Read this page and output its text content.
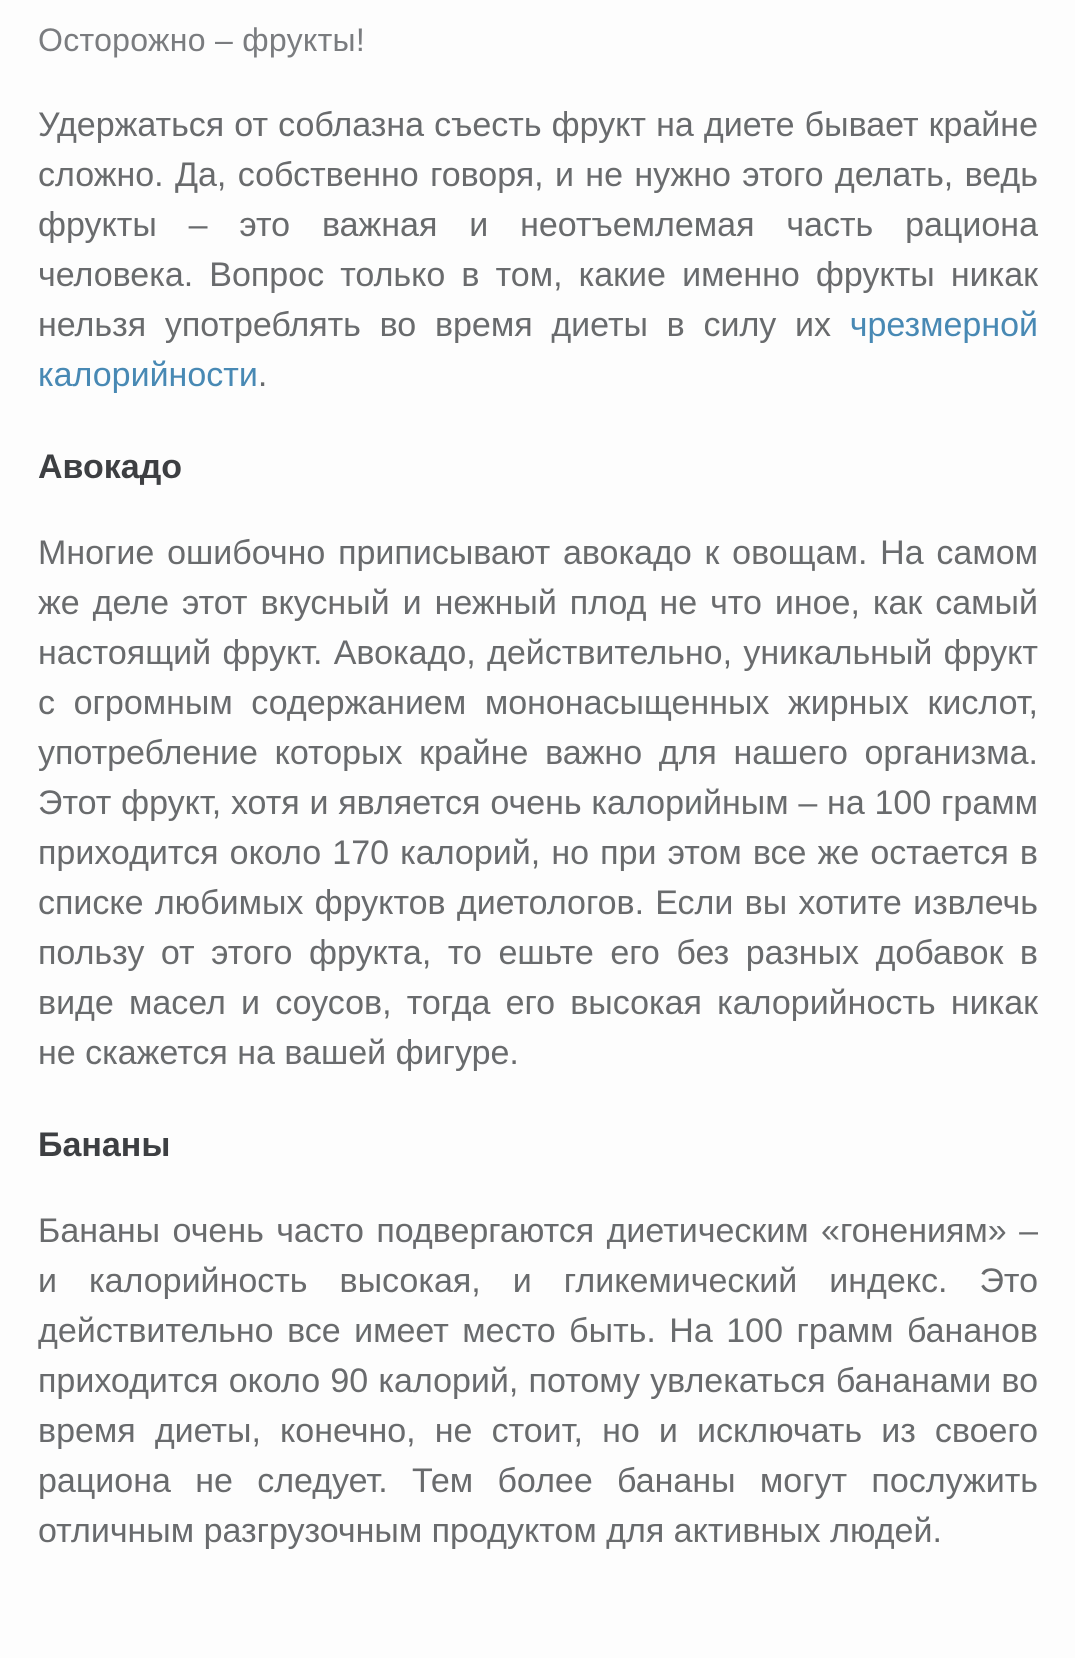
Осторожно – фрукты!

Удержаться от соблазна съесть фрукт на диете бывает крайне сложно. Да, собственно говоря, и не нужно этого делать, ведь фрукты – это важная и неотъемлемая часть рациона человека. Вопрос только в том, какие именно фрукты никак нельзя употреблять во время диеты в силу их чрезмерной калорийности.

Авокадо

Многие ошибочно приписывают авокадо к овощам. На самом же деле этот вкусный и нежный плод не что иное, как самый настоящий фрукт. Авокадо, действительно, уникальный фрукт с огромным содержанием мононасыщенных жирных кислот, употребление которых крайне важно для нашего организма. Этот фрукт, хотя и является очень калорийным – на 100 грамм приходится около 170 калорий, но при этом все же остается в списке любимых фруктов диетологов. Если вы хотите извлечь пользу от этого фрукта, то ешьте его без разных добавок в виде масел и соусов, тогда его высокая калорийность никак не скажется на вашей фигуре.

Бананы

Бананы очень часто подвергаются диетическим «гонениям» – и калорийность высокая, и гликемический индекс. Это действительно все имеет место быть. На 100 грамм бананов приходится около 90 калорий, потому увлекаться бананами во время диеты, конечно, не стоит, но и исключать из своего рациона не следует. Тем более бананы могут послужить отличным разгрузочным продуктом для активных людей.
